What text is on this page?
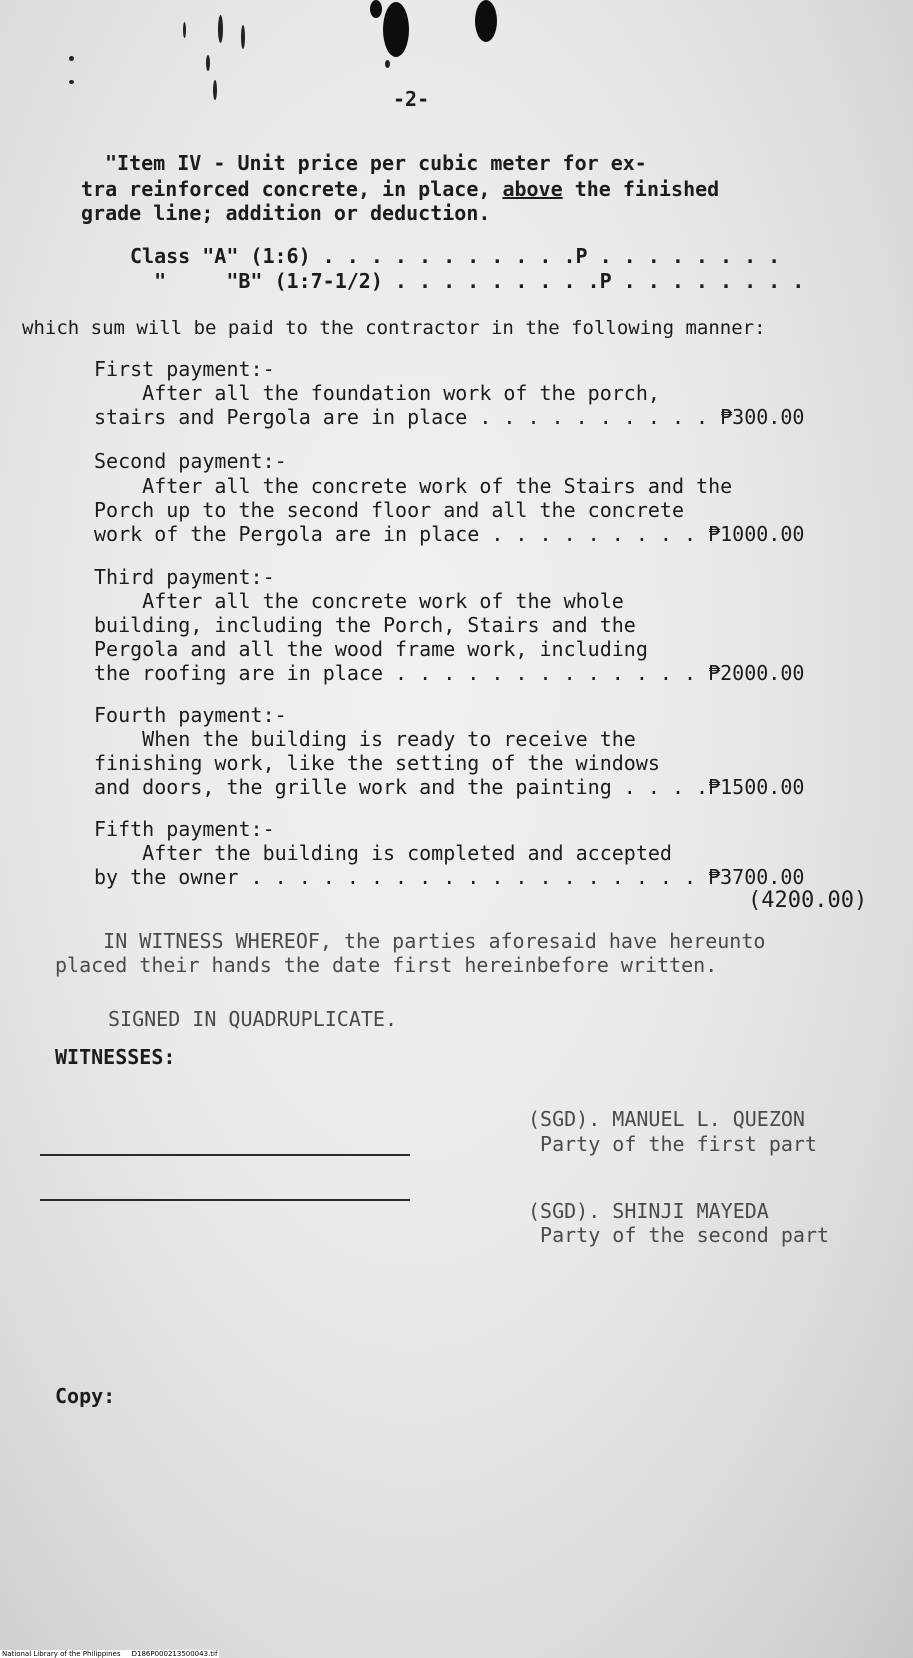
-2-
"Item IV - Unit price per cubic meter for ex-
tra reinforced concrete, in place, above the finished
grade line; addition or deduction.
Class "A" (1:6) . . . . . . . . . . .P . . . . . . . .
"     "B" (1:7-1/2) . . . . . . . . .P . . . . . . . .
which sum will be paid to the contractor in the following manner:
First payment:-
After all the foundation work of the porch,
stairs and Pergola are in place . . . . . . . . . . ₱300.00
Second payment:-
After all the concrete work of the Stairs and the
Porch up to the second floor and all the concrete
work of the Pergola are in place . . . . . . . . . ₱1000.00
Third payment:-
After all the concrete work of the whole
building, including the Porch, Stairs and the
Pergola and all the wood frame work, including
the roofing are in place . . . . . . . . . . . . . ₱2000.00
Fourth payment:-
When the building is ready to receive the
finishing work, like the setting of the windows
and doors, the grille work and the painting . . . .₱1500.00
Fifth payment:-
After the building is completed and accepted
by the owner . . . . . . . . . . . . . . . . . . . ₱3700.00
(4200.00)
IN WITNESS WHEREOF, the parties aforesaid have hereunto
placed their hands the date first hereinbefore written.
SIGNED IN QUADRUPLICATE.
WITNESSES:
(SGD). MANUEL L. QUEZON
Party of the first part
(SGD). SHINJI MAYEDA
Party of the second part
Copy:
National Library of the Philippines     D186P000213500043.tif
